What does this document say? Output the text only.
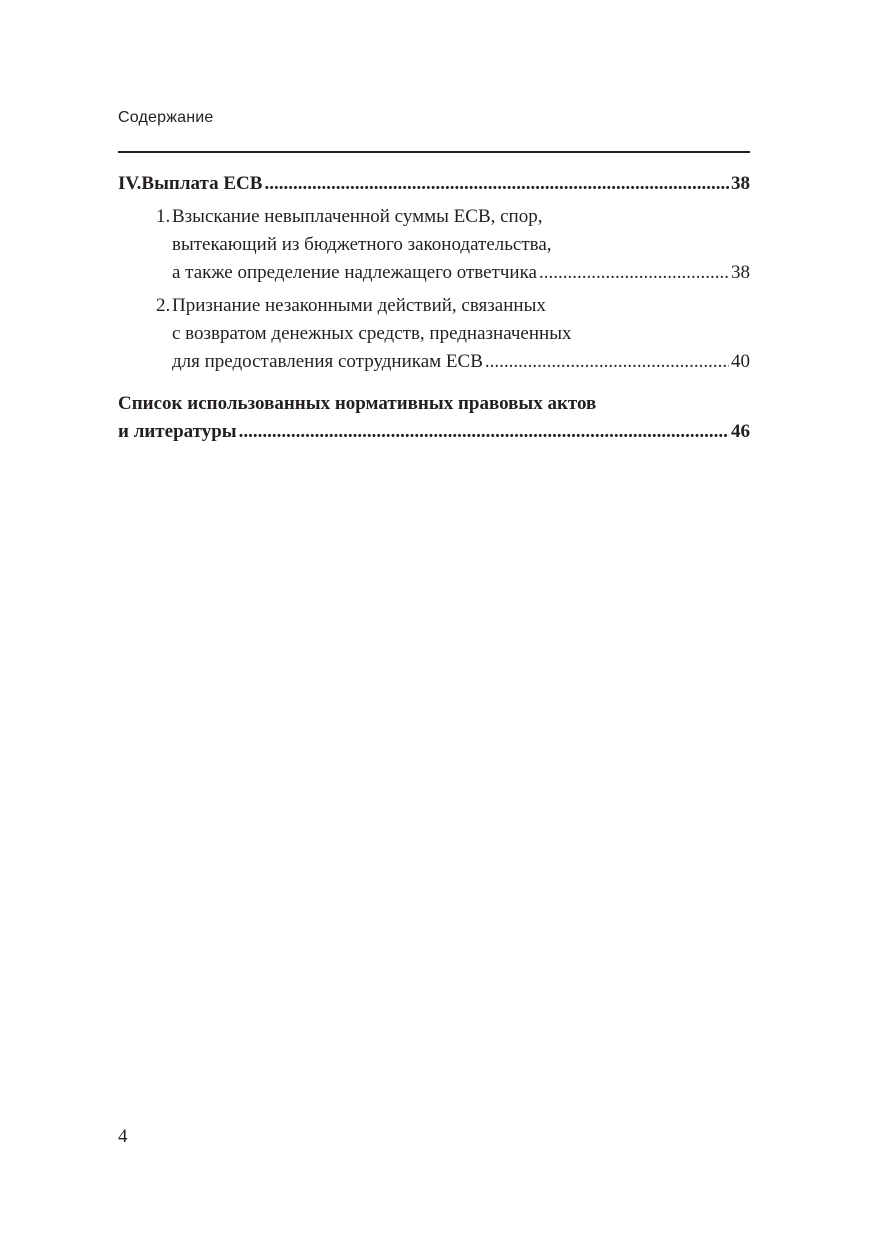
Содержание
IV. Выплата ЕСВ .....	38
1. Взыскание невыплаченной суммы ЕСВ, спор,
вытекающий из бюджетного законодательства,
а также определение надлежащего ответчика .....	38
2. Признание незаконными действий, связанных
с возвратом денежных средств, предназначенных
для предоставления сотрудникам ЕСВ .....	40
Список использованных нормативных правовых актов
и литературы .....	46
4
